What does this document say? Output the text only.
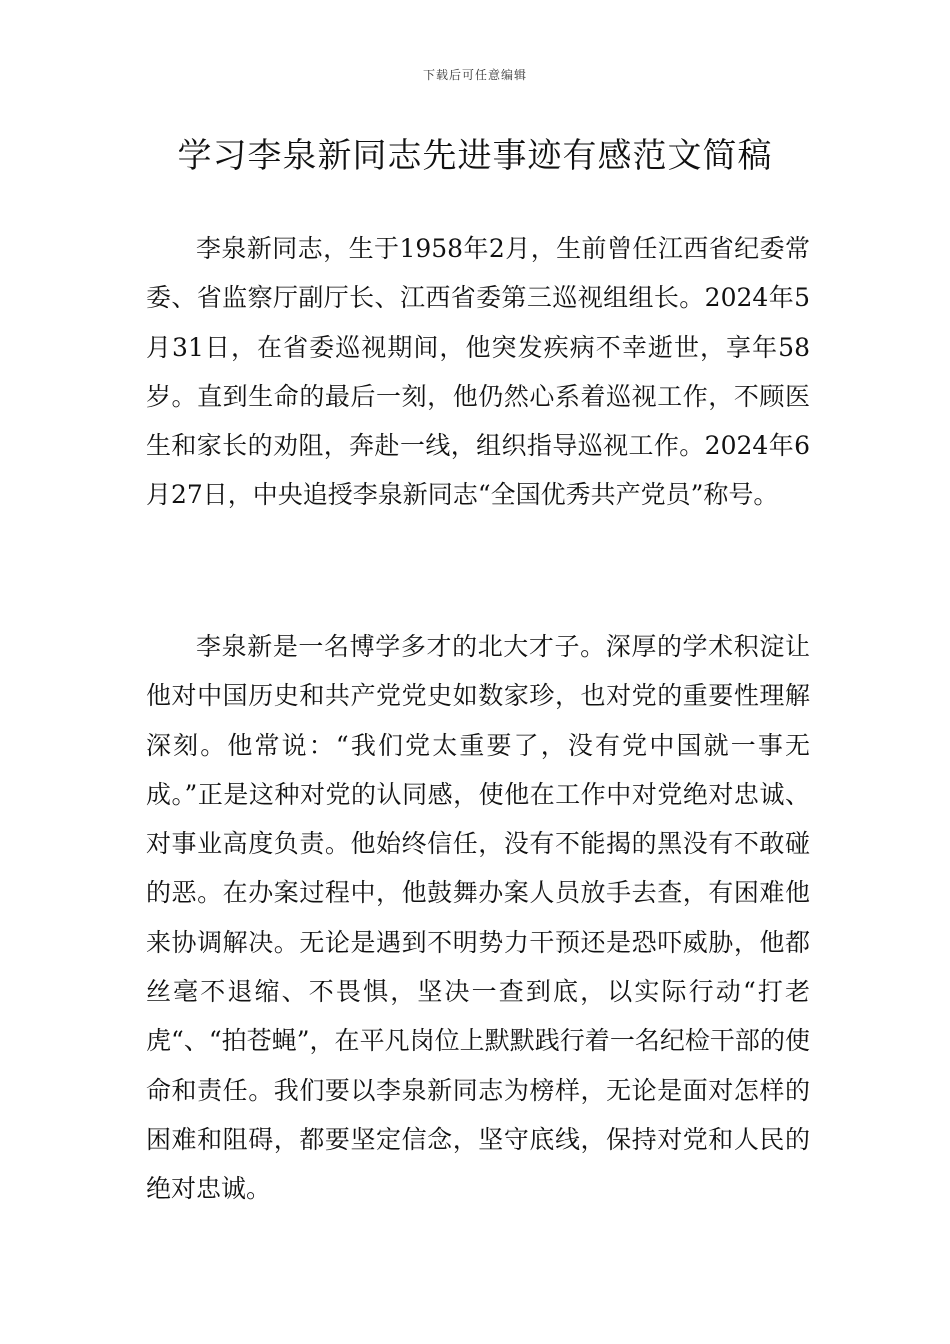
下载后可任意编辑
学习李泉新同志先进事迹有感范文简稿

李泉新同志，生于1958年2月，生前曾任江西省纪委常委、省监察厅副厅长、江西省委第三巡视组组长。2024年5月31日，在省委巡视期间，他突发疾病不幸逝世，享年58岁。直到生命的最后一刻，他仍然心系着巡视工作，不顾医生和家长的劝阻，奔赴一线，组织指导巡视工作。2024年6月27日，中央追授李泉新同志“全国优秀共产党员”称号。

李泉新是一名博学多才的北大才子。深厚的学术积淀让他对中国历史和共产党党史如数家珍，也对党的重要性理解深刻。他常说：“我们党太重要了，没有党中国就一事无成。”正是这种对党的认同感，使他在工作中对党绝对忠诚、对事业高度负责。他始终信任，没有不能揭的黑没有不敢碰的恶。在办案过程中，他鼓舞办案人员放手去查，有困难他来协调解决。无论是遇到不明势力干预还是恐吓威胁，他都丝毫不退缩、不畏惧，坚决一查到底，以实际行动“打老虎“、“拍苍蝇”，在平凡岗位上默默践行着一名纪检干部的使命和责任。我们要以李泉新同志为榜样，无论是面对怎样的困难和阻碍，都要坚定信念，坚守底线，保持对党和人民的绝对忠诚。
